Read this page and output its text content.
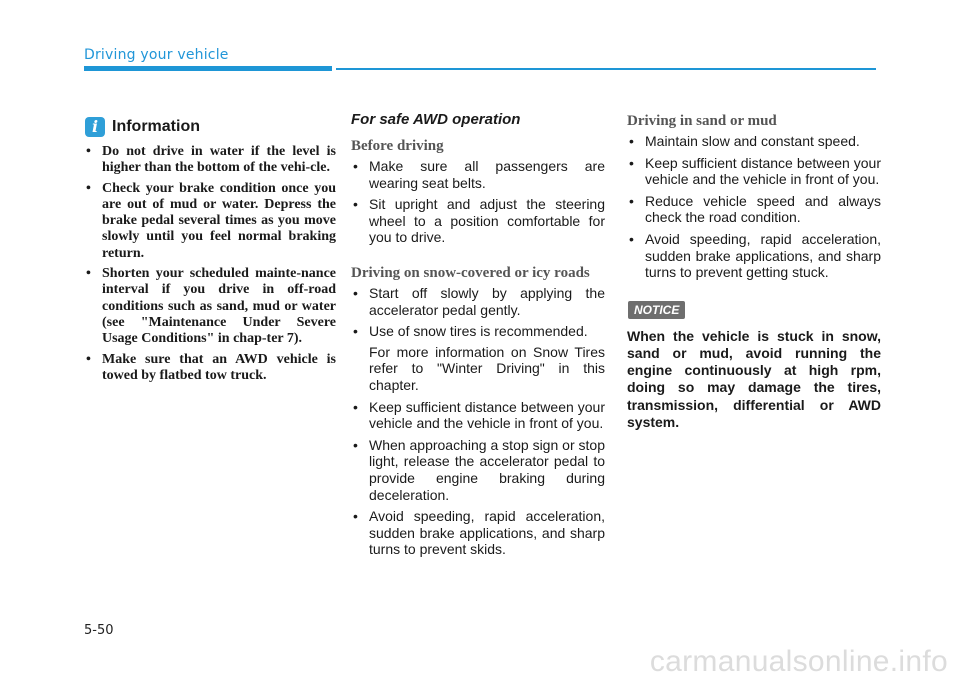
Driving your vehicle
i Information
• Do not drive in water if the level is higher than the bottom of the vehi-cle.
• Check your brake condition once you are out of mud or water. Depress the brake pedal several times as you move slowly until you feel normal braking return.
• Shorten your scheduled mainte-nance interval if you drive in off-road conditions such as sand, mud or water (see "Maintenance Under Severe Usage Conditions" in chap-ter 7).
• Make sure that an AWD vehicle is towed by flatbed tow truck.
For safe AWD operation
Before driving
• Make sure all passengers are wearing seat belts.
• Sit upright and adjust the steering wheel to a position comfortable for you to drive.
Driving on snow-covered or icy roads
• Start off slowly by applying the accelerator pedal gently.
• Use of snow tires is recommended.
For more information on Snow Tires refer to "Winter Driving" in this chapter.
• Keep sufficient distance between your vehicle and the vehicle in front of you.
• When approaching a stop sign or stop light, release the accelerator pedal to provide engine braking during deceleration.
• Avoid speeding, rapid acceleration, sudden brake applications, and sharp turns to prevent skids.
Driving in sand or mud
• Maintain slow and constant speed.
• Keep sufficient distance between your vehicle and the vehicle in front of you.
• Reduce vehicle speed and always check the road condition.
• Avoid speeding, rapid acceleration, sudden brake applications, and sharp turns to prevent getting stuck.
NOTICE
When the vehicle is stuck in snow, sand or mud, avoid running the engine continuously at high rpm, doing so may damage the tires, transmission, differential or AWD system.
5-50
carmanualsonline.info
